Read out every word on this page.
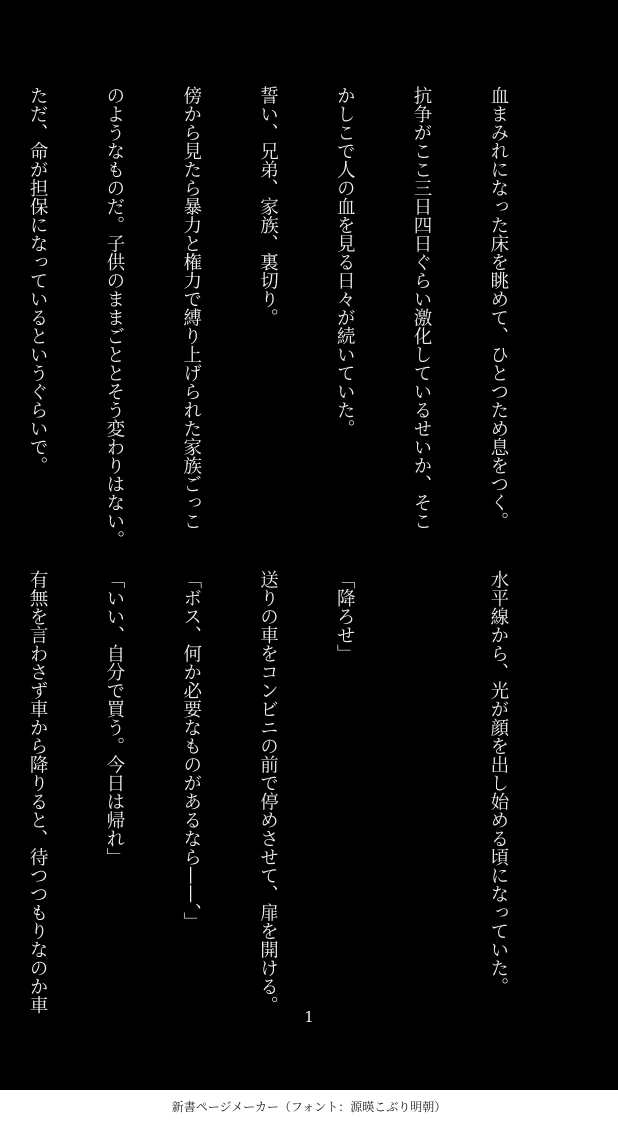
血まみれになった床を眺めて、ひとつため息をつく。

抗争がここ三日四日ぐらい激化しているせいか、そこ

かしこで人の血を見る日々が続いていた。

誓い、兄弟、家族、裏切り。

傍から見たら暴力と権力で縛り上げられた家族ごっこ

のようなものだ。子供のままごととそう変わりはない。

ただ、命が担保になっているというぐらいで。

水平線から、光が顔を出し始める頃になっていた。

「降ろせ」

送りの車をコンビニの前で停めさせて、扉を開ける。

「ボス、何か必要なものがあるなら——、」

「いい、自分で買う。今日は帰れ」

有無を言わさず車から降りると、待つつもりなのか車

1
新書ページメーカー（フォント：源暎こぶり明朝）
